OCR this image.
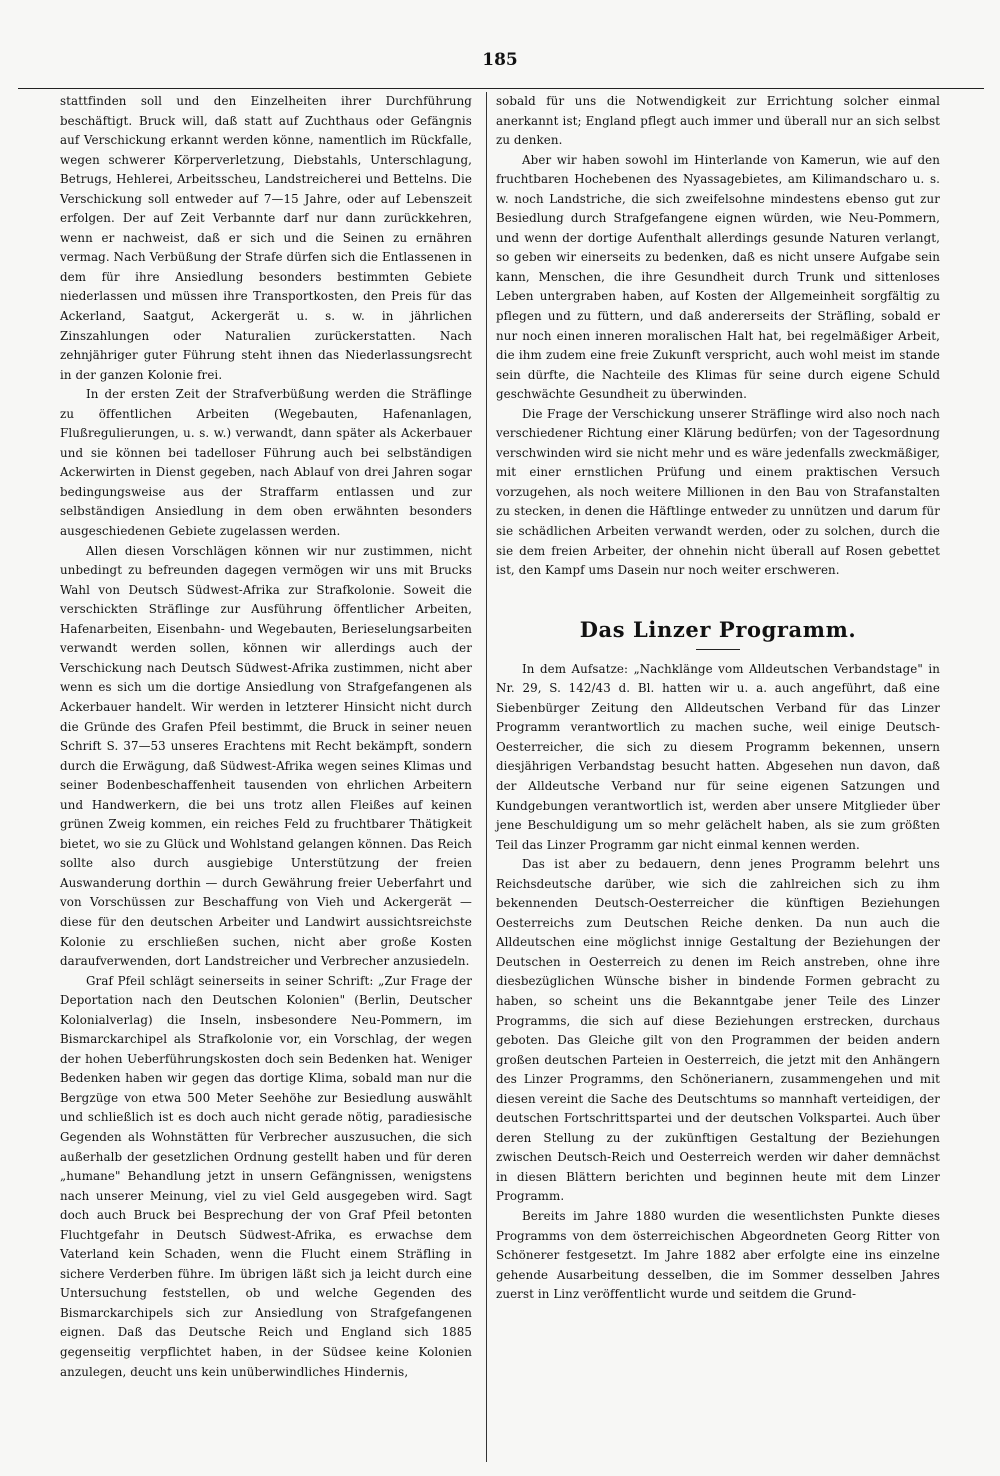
185

stattfinden soll und den Einzelheiten ihrer Durchführung beschäftigt. Bruck will, daß statt auf Zuchthaus oder Gefängnis auf Verschickung erkannt werden könne, namentlich im Rückfalle, wegen schwerer Körperverletzung, Diebstahls, Unterschlagung, Betrugs, Hehlerei, Arbeitsscheu, Landstreicherei und Bettelns. Die Verschickung soll entweder auf 7—15 Jahre, oder auf Lebenszeit erfolgen. Der auf Zeit Verbannte darf nur dann zurückkehren, wenn er nachweist, daß er sich und die Seinen zu ernähren vermag. Nach Verbüßung der Strafe dürfen sich die Entlassenen in dem für ihre Ansiedlung besonders bestimmten Gebiete niederlassen und müssen ihre Transportkosten, den Preis für das Ackerland, Saatgut, Ackergerät u. s. w. in jährlichen Zinszahlungen oder Naturalien zurückerstatten. Nach zehnjähriger guter Führung steht ihnen das Niederlassungsrecht in der ganzen Kolonie frei.

In der ersten Zeit der Strafverbüßung werden die Sträflinge zu öffentlichen Arbeiten (Wegebauten, Hafenanlagen, Flußregulierungen, u. s. w.) verwandt, dann später als Ackerbauer und sie können bei tadelloser Führung auch bei selbständigen Ackerwirten in Dienst gegeben, nach Ablauf von drei Jahren sogar bedingungsweise aus der Straffarm entlassen und zur selbständigen Ansiedlung in dem oben erwähnten besonders ausgeschiedenen Gebiete zugelassen werden.

Allen diesen Vorschlägen können wir nur zustimmen, nicht unbedingt zu befreunden dagegen vermögen wir uns mit Brucks Wahl von Deutsch Südwest-Afrika zur Strafkolonie. Soweit die verschickten Sträflinge zur Ausführung öffentlicher Arbeiten, Hafenarbeiten, Eisenbahn- und Wegebauten, Berieselungsarbeiten verwandt werden sollen, können wir allerdings auch der Verschickung nach Deutsch Südwest-Afrika zustimmen, nicht aber wenn es sich um die dortige Ansiedlung von Strafgefangenen als Ackerbauer handelt. Wir werden in letzterer Hinsicht nicht durch die Gründe des Grafen Pfeil bestimmt, die Bruck in seiner neuen Schrift S. 37—53 unseres Erachtens mit Recht bekämpft, sondern durch die Erwägung, daß Südwest-Afrika wegen seines Klimas und seiner Bodenbeschaffenheit tausenden von ehrlichen Arbeitern und Handwerkern, die bei uns trotz allen Fleißes auf keinen grünen Zweig kommen, ein reiches Feld zu fruchtbarer Thätigkeit bietet, wo sie zu Glück und Wohlstand gelangen können. Das Reich sollte also durch ausgiebige Unterstützung der freien Auswanderung dorthin — durch Gewährung freier Ueberfahrt und von Vorschüssen zur Beschaffung von Vieh und Ackergerät — diese für den deutschen Arbeiter und Landwirt aussichtsreichste Kolonie zu erschließen suchen, nicht aber große Kosten daraufverwenden, dort Landstreicher und Verbrecher anzusiedeln.

Graf Pfeil schlägt seinerseits in seiner Schrift: „Zur Frage der Deportation nach den Deutschen Kolonien" (Berlin, Deutscher Kolonialverlag) die Inseln, insbesondere Neu-Pommern, im Bismarckarchipel als Strafkolonie vor, ein Vorschlag, der wegen der hohen Ueberführungskosten doch sein Bedenken hat. Weniger Bedenken haben wir gegen das dortige Klima, sobald man nur die Bergzüge von etwa 500 Meter Seehöhe zur Besiedlung auswählt und schließlich ist es doch auch nicht gerade nötig, paradiesische Gegenden als Wohnstätten für Verbrecher auszusuchen, die sich außerhalb der gesetzlichen Ordnung gestellt haben und für deren „humane" Behandlung jetzt in unsern Gefängnissen, wenigstens nach unserer Meinung, viel zu viel Geld ausgegeben wird. Sagt doch auch Bruck bei Besprechung der von Graf Pfeil betonten Fluchtgefahr in Deutsch Südwest-Afrika, es erwachse dem Vaterland kein Schaden, wenn die Flucht einem Sträfling in sichere Verderben führe. Im übrigen läßt sich ja leicht durch eine Untersuchung feststellen, ob und welche Gegenden des Bismarckarchipels sich zur Ansiedlung von Strafgefangenen eignen. Daß das Deutsche Reich und England sich 1885 gegenseitig verpflichtet haben, in der Südsee keine Kolonien anzulegen, deucht uns kein unüberwindliches Hindernis,

sobald für uns die Notwendigkeit zur Errichtung solcher einmal anerkannt ist; England pflegt auch immer und überall nur an sich selbst zu denken.

Aber wir haben sowohl im Hinterlande von Kamerun, wie auf den fruchtbaren Hochebenen des Nyassagebietes, am Kilimandscharo u. s. w. noch Landstriche, die sich zweifelsohne mindestens ebenso gut zur Besiedlung durch Strafgefangene eignen würden, wie Neu-Pommern, und wenn der dortige Aufenthalt allerdings gesunde Naturen verlangt, so geben wir einerseits zu bedenken, daß es nicht unsere Aufgabe sein kann, Menschen, die ihre Gesundheit durch Trunk und sittenloses Leben untergraben haben, auf Kosten der Allgemeinheit sorgfältig zu pflegen und zu füttern, und daß andererseits der Sträfling, sobald er nur noch einen inneren moralischen Halt hat, bei regelmäßiger Arbeit, die ihm zudem eine freie Zukunft verspricht, auch wohl meist im stande sein dürfte, die Nachteile des Klimas für seine durch eigene Schuld geschwächte Gesundheit zu überwinden.

Die Frage der Verschickung unserer Sträflinge wird also noch nach verschiedener Richtung einer Klärung bedürfen; von der Tagesordnung verschwinden wird sie nicht mehr und es wäre jedenfalls zweckmäßiger, mit einer ernstlichen Prüfung und einem praktischen Versuch vorzugehen, als noch weitere Millionen in den Bau von Strafanstalten zu stecken, in denen die Häftlinge entweder zu unnützen und darum für sie schädlichen Arbeiten verwandt werden, oder zu solchen, durch die sie dem freien Arbeiter, der ohnehin nicht überall auf Rosen gebettet ist, den Kampf ums Dasein nur noch weiter erschweren.

Das Linzer Programm.

In dem Aufsatze: „Nachklänge vom Alldeutschen Verbandstage" in Nr. 29, S. 142/43 d. Bl. hatten wir u. a. auch angeführt, daß eine Siebenbürger Zeitung den Alldeutschen Verband für das Linzer Programm verantwortlich zu machen suche, weil einige Deutsch-Oesterreicher, die sich zu diesem Programm bekennen, unsern diesjährigen Verbandstag besucht hatten. Abgesehen nun davon, daß der Alldeutsche Verband nur für seine eigenen Satzungen und Kundgebungen verantwortlich ist, werden aber unsere Mitglieder über jene Beschuldigung um so mehr gelächelt haben, als sie zum größten Teil das Linzer Programm gar nicht einmal kennen werden.

Das ist aber zu bedauern, denn jenes Programm belehrt uns Reichsdeutsche darüber, wie sich die zahlreichen sich zu ihm bekennenden Deutsch-Oesterreicher die künftigen Beziehungen Oesterreichs zum Deutschen Reiche denken. Da nun auch die Alldeutschen eine möglichst innige Gestaltung der Beziehungen der Deutschen in Oesterreich zu denen im Reich anstreben, ohne ihre diesbezüglichen Wünsche bisher in bindende Formen gebracht zu haben, so scheint uns die Bekanntgabe jener Teile des Linzer Programms, die sich auf diese Beziehungen erstrecken, durchaus geboten. Das Gleiche gilt von den Programmen der beiden andern großen deutschen Parteien in Oesterreich, die jetzt mit den Anhängern des Linzer Programms, den Schönerianern, zusammengehen und mit diesen vereint die Sache des Deutschtums so mannhaft verteidigen, der deutschen Fortschrittspartei und der deutschen Volkspartei. Auch über deren Stellung zu der zukünftigen Gestaltung der Beziehungen zwischen Deutsch-Reich und Oesterreich werden wir daher demnächst in diesen Blättern berichten und beginnen heute mit dem Linzer Programm.

Bereits im Jahre 1880 wurden die wesentlichsten Punkte dieses Programms von dem österreichischen Abgeordneten Georg Ritter von Schönerer festgesetzt. Im Jahre 1882 aber erfolgte eine ins einzelne gehende Ausarbeitung desselben, die im Sommer desselben Jahres zuerst in Linz veröffentlicht wurde und seitdem die Grund-
